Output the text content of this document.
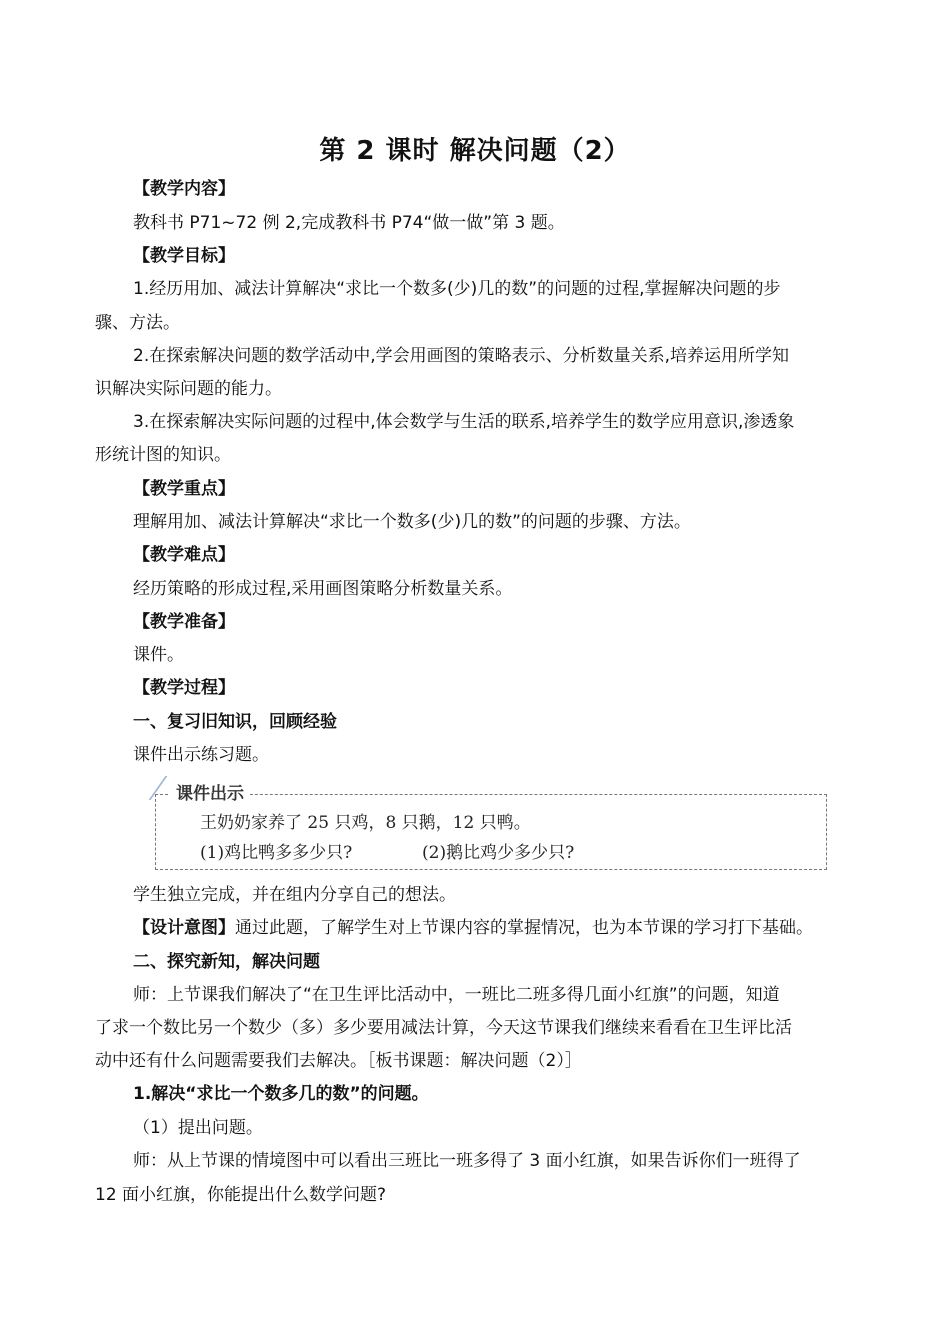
第 2 课时 解决问题（2）
【教学内容】
教科书 P71~72 例 2,完成教科书 P74“做一做”第 3 题。
【教学目标】
1.经历用加、减法计算解决“求比一个数多(少)几的数”的问题的过程,掌握解决问题的步
骤、方法。
2.在探索解决问题的数学活动中,学会用画图的策略表示、分析数量关系,培养运用所学知
识解决实际问题的能力。
3.在探索解决实际问题的过程中,体会数学与生活的联系,培养学生的数学应用意识,渗透象
形统计图的知识。
【教学重点】
理解用加、减法计算解决“求比一个数多(少)几的数”的问题的步骤、方法。
【教学难点】
经历策略的形成过程,采用画图策略分析数量关系。
【教学准备】
课件。
【教学过程】
一、复习旧知识，回顾经验
课件出示练习题。
课件出示
王奶奶家养了 25 只鸡，8 只鹅，12 只鸭。
(1)鸡比鸭多多少只?	(2)鹅比鸡少多少只?
学生独立完成，并在组内分享自己的想法。
【设计意图】通过此题，了解学生对上节课内容的掌握情况，也为本节课的学习打下基础。
二、探究新知，解决问题
师：上节课我们解决了“在卫生评比活动中，一班比二班多得几面小红旗”的问题，知道
了求一个数比另一个数少（多）多少要用减法计算，今天这节课我们继续来看看在卫生评比活
动中还有什么问题需要我们去解决。［板书课题：解决问题（2）］
1.解决“求比一个数多几的数”的问题。
（1）提出问题。
师：从上节课的情境图中可以看出三班比一班多得了 3 面小红旗，如果告诉你们一班得了
12 面小红旗，你能提出什么数学问题?
